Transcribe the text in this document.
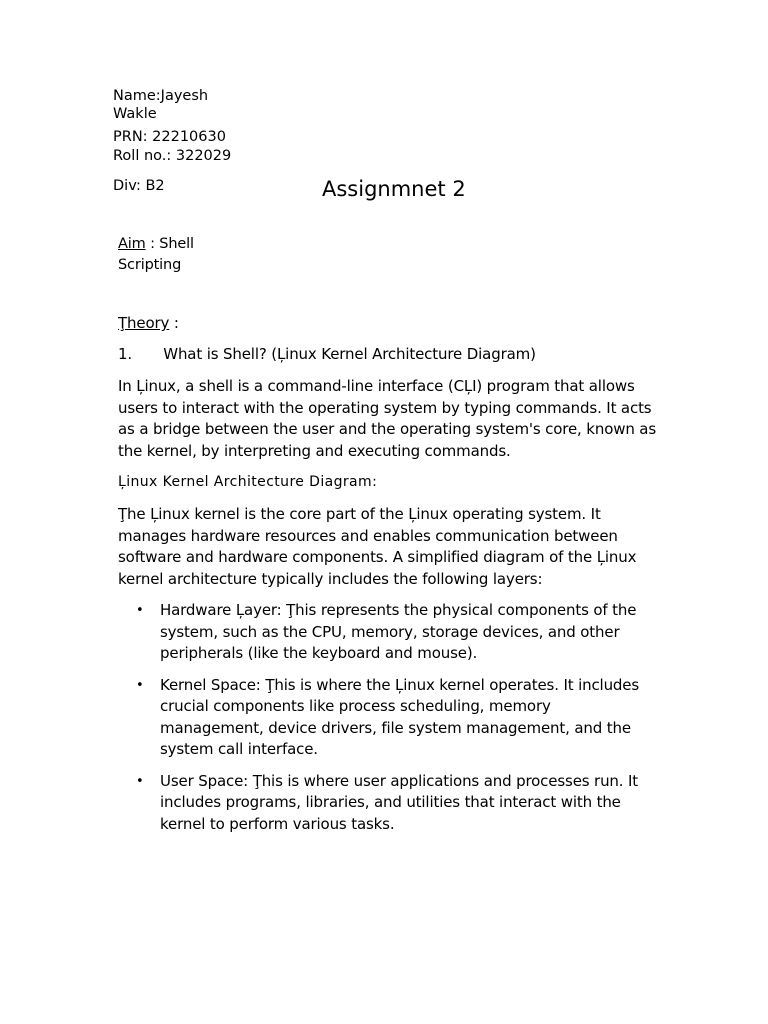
Name:Jayesh
Wakle
PRN: 22210630
Roll no.: 322029
Div: B2	Assignmnet 2
Aim : Shell
Scripting
Ţheory :
1. What is Shell? (Ļinux Kernel Architecture Diagram)
In Ļinux, a shell is a command-line interface (CĻI) program that allows users to interact with the operating system by typing commands. It acts as a bridge between the user and the operating system's core, known as the kernel, by interpreting and executing commands.
Ļinux Kernel Architecture Diagram:
Ţhe Ļinux kernel is the core part of the Ļinux operating system. It manages hardware resources and enables communication between software and hardware components. A simplified diagram of the Ļinux kernel architecture typically includes the following layers:
• Hardware Ļayer: Ţhis represents the physical components of the system, such as the CPU, memory, storage devices, and other peripherals (like the keyboard and mouse).
• Kernel Space: Ţhis is where the Ļinux kernel operates. It includes crucial components like process scheduling, memory management, device drivers, file system management, and the system call interface.
• User Space: Ţhis is where user applications and processes run. It includes programs, libraries, and utilities that interact with the kernel to perform various tasks.
